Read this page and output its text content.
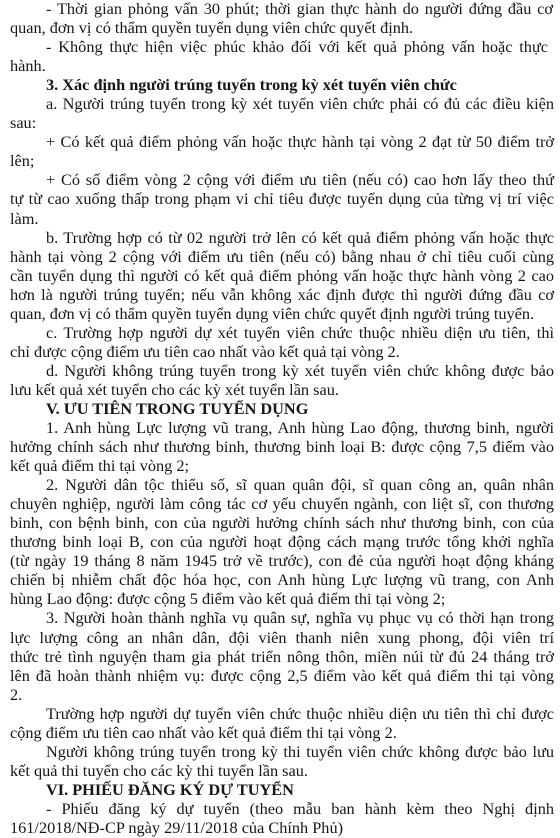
- Thời gian phỏng vấn 30 phút; thời gian thực hành do người đứng đầu cơ
quan, đơn vị có thẩm quyền tuyển dụng viên chức quyết định.
- Không thực hiện việc phúc khảo đối với kết quả phỏng vấn hoặc thực
hành.
3. Xác định người trúng tuyển trong kỳ xét tuyển viên chức
a. Người trúng tuyển trong kỳ xét tuyển viên chức phải có đủ các điều kiện
sau:
+ Có kết quả điểm phỏng vấn hoặc thực hành tại vòng 2 đạt từ 50 điểm trở
lên;
+ Có số điểm vòng 2 cộng với điểm ưu tiên (nếu có) cao hơn lấy theo thứ
tự từ cao xuống thấp trong phạm vi chỉ tiêu được tuyển dụng của từng vị trí việc
làm.
b. Trường hợp có từ 02 người trở lên có kết quả điểm phỏng vấn hoặc thực
hành tại vòng 2 cộng với điểm ưu tiên (nếu có) bằng nhau ở chỉ tiêu cuối cùng
cần tuyển dụng thì người có kết quả điểm phỏng vấn hoặc thực hành vòng 2 cao
hơn là người trúng tuyển; nếu vẫn không xác định được thì người đứng đầu cơ
quan, đơn vị có thẩm quyền tuyển dụng viên chức quyết định người trúng tuyển.
c. Trường hợp người dự xét tuyển viên chức thuộc nhiều diện ưu tiên, thì
chỉ được cộng điểm ưu tiên cao nhất vào kết quả tại vòng 2.
d. Người không trúng tuyển trong kỳ xét tuyển viên chức không được bảo
lưu kết quả xét tuyển cho các kỳ xét tuyển lần sau.
V. ƯU TIÊN TRONG TUYỂN DỤNG
1. Anh hùng Lực lượng vũ trang, Anh hùng Lao động, thương binh, người
hưởng chính sách như thương binh, thương binh loại B: được cộng 7,5 điểm vào
kết quả điểm thi tại vòng 2;
2. Người dân tộc thiểu số, sĩ quan quân đội, sĩ quan công an, quân nhân
chuyên nghiệp, người làm công tác cơ yếu chuyển ngành, con liệt sĩ, con thương
binh, con bệnh binh, con của người hưởng chính sách như thương binh, con của
thương binh loại B, con của người hoạt động cách mạng trước tổng khởi nghĩa
(từ ngày 19 tháng 8 năm 1945 trở về trước), con đẻ của người hoạt động kháng
chiến bị nhiễm chất độc hóa học, con Anh hùng Lực lượng vũ trang, con Anh
hùng Lao động: được cộng 5 điểm vào kết quả điểm thi tại vòng 2;
3. Người hoàn thành nghĩa vụ quân sự, nghĩa vụ phục vụ có thời hạn trong
lực lượng công an nhân dân, đội viên thanh niên xung phong, đội viên trí
thức trẻ tình nguyện tham gia phát triển nông thôn, miền núi từ đủ 24 tháng trở
lên đã hoàn thành nhiệm vụ: được cộng 2,5 điểm vào kết quả điểm thi tại vòng
2.
Trường hợp người dự tuyển viên chức thuộc nhiều diện ưu tiên thì chỉ được
cộng điểm ưu tiên cao nhất vào kết quả điểm thi tại vòng 2.
Người không trúng tuyển trong kỳ thi tuyển viên chức không được bảo lưu
kết quả thi tuyển cho các kỳ thi tuyển lần sau.
VI. PHIẾU ĐĂNG KÝ DỰ TUYỂN
- Phiếu đăng ký dự tuyển (theo mẫu ban hành kèm theo Nghị định
161/2018/NĐ-CP ngày 29/11/2018 của Chính Phủ)
